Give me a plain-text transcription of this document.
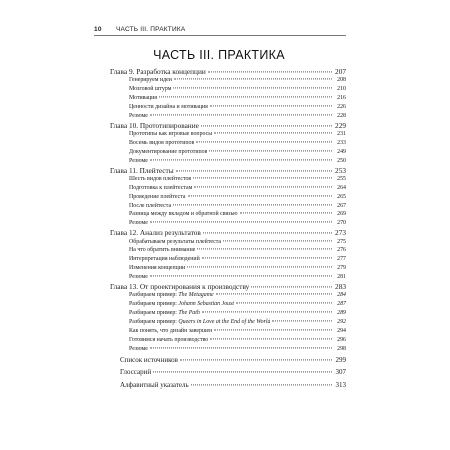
10 ЧАСТЬ III. ПРАКТИКА
ЧАСТЬ III. ПРАКТИКА
Глава 9. Разработка концепции	207
Генерируем идеи	208
Мозговой штурм	210
Мотивация	216
Ценности дизайна и мотивация	226
Резюме	228
Глава 10. Прототипирование	229
Прототипы как игровые вопросы	231
Восемь видов прототипов	233
Документирование прототипов	249
Резюме	250
Глава 11. Плейтесты	253
Шесть видов плейтестов	255
Подготовка к плейтестам	264
Проведение плейтеста	265
После плейтеста	267
Разница между вкладом и обратной связью	269
Резюме	270
Глава 12. Анализ результатов	273
Обрабатываем результаты плейтеста	275
На что обратить внимание	276
Интерпретация наблюдений	277
Изменения концепции	279
Резюме	281
Глава 13. От проектирования к производству	283
Разбираем пример: The Metagame	284
Разбираем пример: Johann Sebastian Joust	287
Разбираем пример: The Path	289
Разбираем пример: Queers in Love at the End of the World	292
Как понять, что дизайн завершен	294
Готовимся начать производство	296
Резюме	298
Список источников	299
Глоссарий	307
Алфавитный указатель	313
